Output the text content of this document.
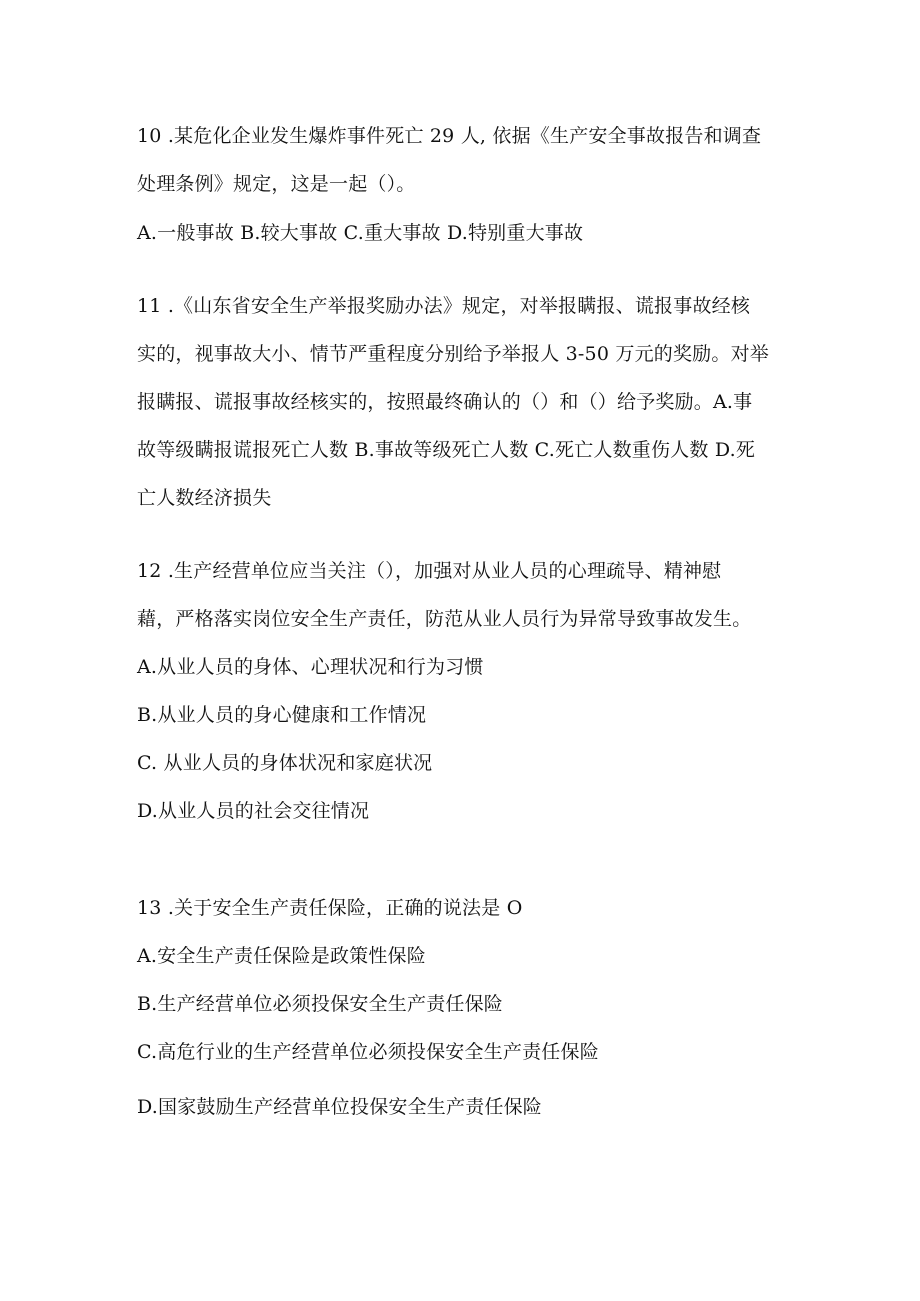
10 .某危化企业发生爆炸事件死亡 29 人, 依据《生产安全事故报告和调查
处理条例》规定，这是一起（）。
A.一般事故 B.较大事故 C.重大事故 D.特别重大事故
11 .《山东省安全生产举报奖励办法》规定，对举报瞒报、谎报事故经核
实的，视事故大小、情节严重程度分别给予举报人 3-50 万元的奖励。对举
报瞒报、谎报事故经核实的，按照最终确认的（）和（）给予奖励。A.事
故等级瞒报谎报死亡人数 B.事故等级死亡人数 C.死亡人数重伤人数 D.死
亡人数经济损失
12 .生产经营单位应当关注（），加强对从业人员的心理疏导、精神慰
藉，严格落实岗位安全生产责任，防范从业人员行为异常导致事故发生。
A.从业人员的身体、心理状况和行为习惯
B.从业人员的身心健康和工作情况
C. 从业人员的身体状况和家庭状况
D.从业人员的社会交往情况
13 .关于安全生产责任保险，正确的说法是 O
A.安全生产责任保险是政策性保险
B.生产经营单位必须投保安全生产责任保险
C.高危行业的生产经营单位必须投保安全生产责任保险
D.国家鼓励生产经营单位投保安全生产责任保险
